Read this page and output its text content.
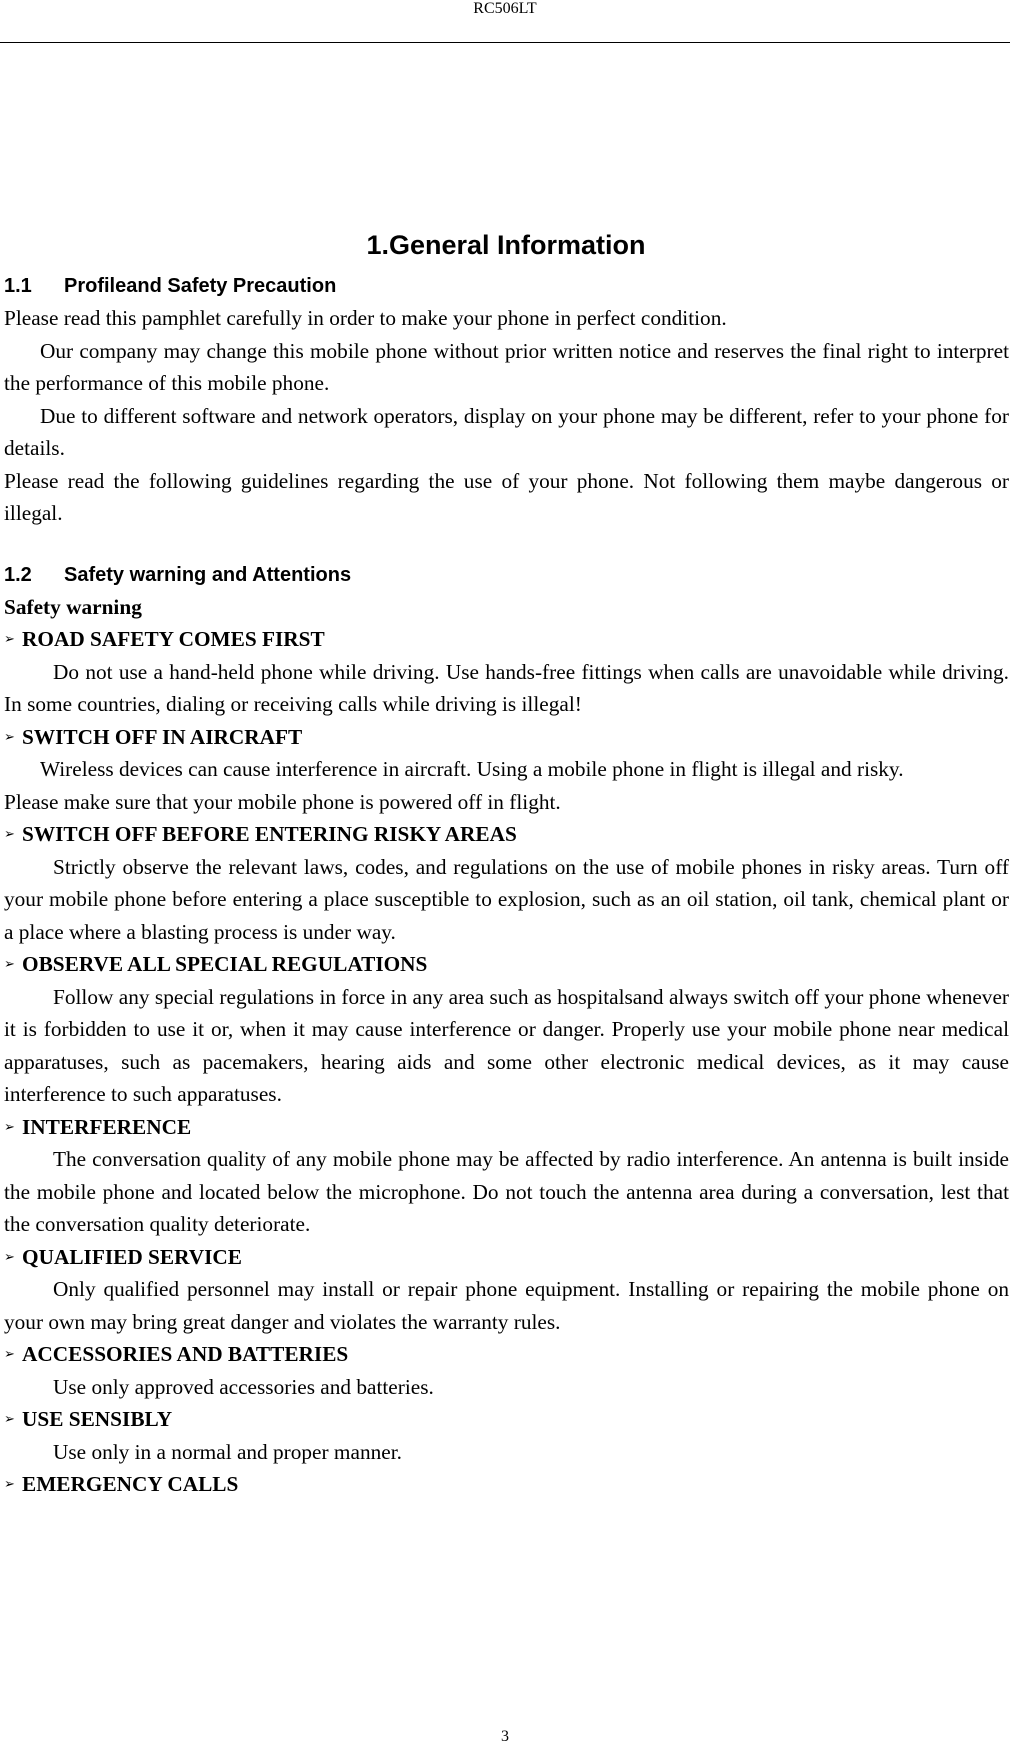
RC506LT
1.General Information
1.1 Profileand Safety Precaution

Please read this pamphlet carefully in order to make your phone in perfect condition.

Our company may change this mobile phone without prior written notice and reserves the final right to interpret the performance of this mobile phone.

Due to different software and network operators, display on your phone may be different, refer to your phone for details.

Please read the following guidelines regarding the use of your phone. Not following them maybe dangerous or illegal.

1.2 Safety warning and Attentions

Safety warning

➢ ROAD SAFETY COMES FIRST

Do not use a hand-held phone while driving. Use hands-free fittings when calls are unavoidable while driving. In some countries, dialing or receiving calls while driving is illegal!

➢ SWITCH OFF IN AIRCRAFT

Wireless devices can cause interference in aircraft. Using a mobile phone in flight is illegal and risky.

Please make sure that your mobile phone is powered off in flight.

➢ SWITCH OFF BEFORE ENTERING RISKY AREAS

Strictly observe the relevant laws, codes, and regulations on the use of mobile phones in risky areas. Turn off your mobile phone before entering a place susceptible to explosion, such as an oil station, oil tank, chemical plant or a place where a blasting process is under way.

➢ OBSERVE ALL SPECIAL REGULATIONS

Follow any special regulations in force in any area such as hospitalsand always switch off your phone whenever it is forbidden to use it or, when it may cause interference or danger. Properly use your mobile phone near medical apparatuses, such as pacemakers, hearing aids and some other electronic medical devices, as it may cause interference to such apparatuses.

➢ INTERFERENCE

The conversation quality of any mobile phone may be affected by radio interference. An antenna is built inside the mobile phone and located below the microphone. Do not touch the antenna area during a conversation, lest that the conversation quality deteriorate.

➢ QUALIFIED SERVICE

Only qualified personnel may install or repair phone equipment. Installing or repairing the mobile phone on your own may bring great danger and violates the warranty rules.

➢ ACCESSORIES AND BATTERIES

Use only approved accessories and batteries.

➢ USE SENSIBLY

Use only in a normal and proper manner.

➢ EMERGENCY CALLS

3
